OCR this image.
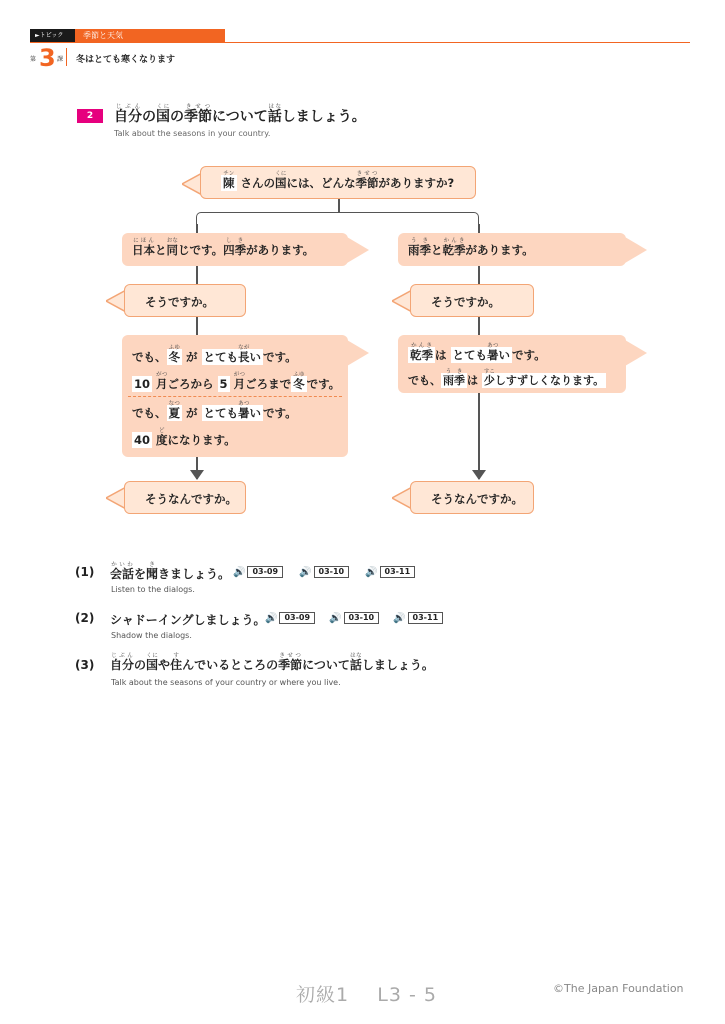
►トピック	季節と天気
第 3 課 冬はとても寒くなります
2	自分じぶんの国くにの季節きせつについて話はなしましょう。
Talk about the seasons in your country.
陳チン さんの国くにには、どんな季節きせつがありますか?
日本にほんと同おなじです。四季しきがあります。	雨季うきと乾季かんきがあります。
そうですか。	そうですか。
でも、 冬ふゆ が とても長ながい です。
10 月がつごろから 5 月がつごろまで 冬ふゆです。
でも、 夏なつ が とても暑あつい です。
40 度どになります。
乾季かんきは とても暑あつい です。
でも、 雨季うきは 少すこしすずしくなります。
そうなんですか。	そうなんですか。
(1) 会話かいわを聞ききましょう。 🔊 03-09	🔊 03-10	🔊 03-11
Listen to the dialogs.
(2) シャドーイングしましょう。 🔊 03-09	🔊 03-10	🔊 03-11
Shadow the dialogs.
(3) 自分じぶんの国くにや住すんでいるところの季節きせつについて話はなしましょう。
Talk about the seasons of your country or where you live.
初級1 L3 - 5	©The Japan Foundation
